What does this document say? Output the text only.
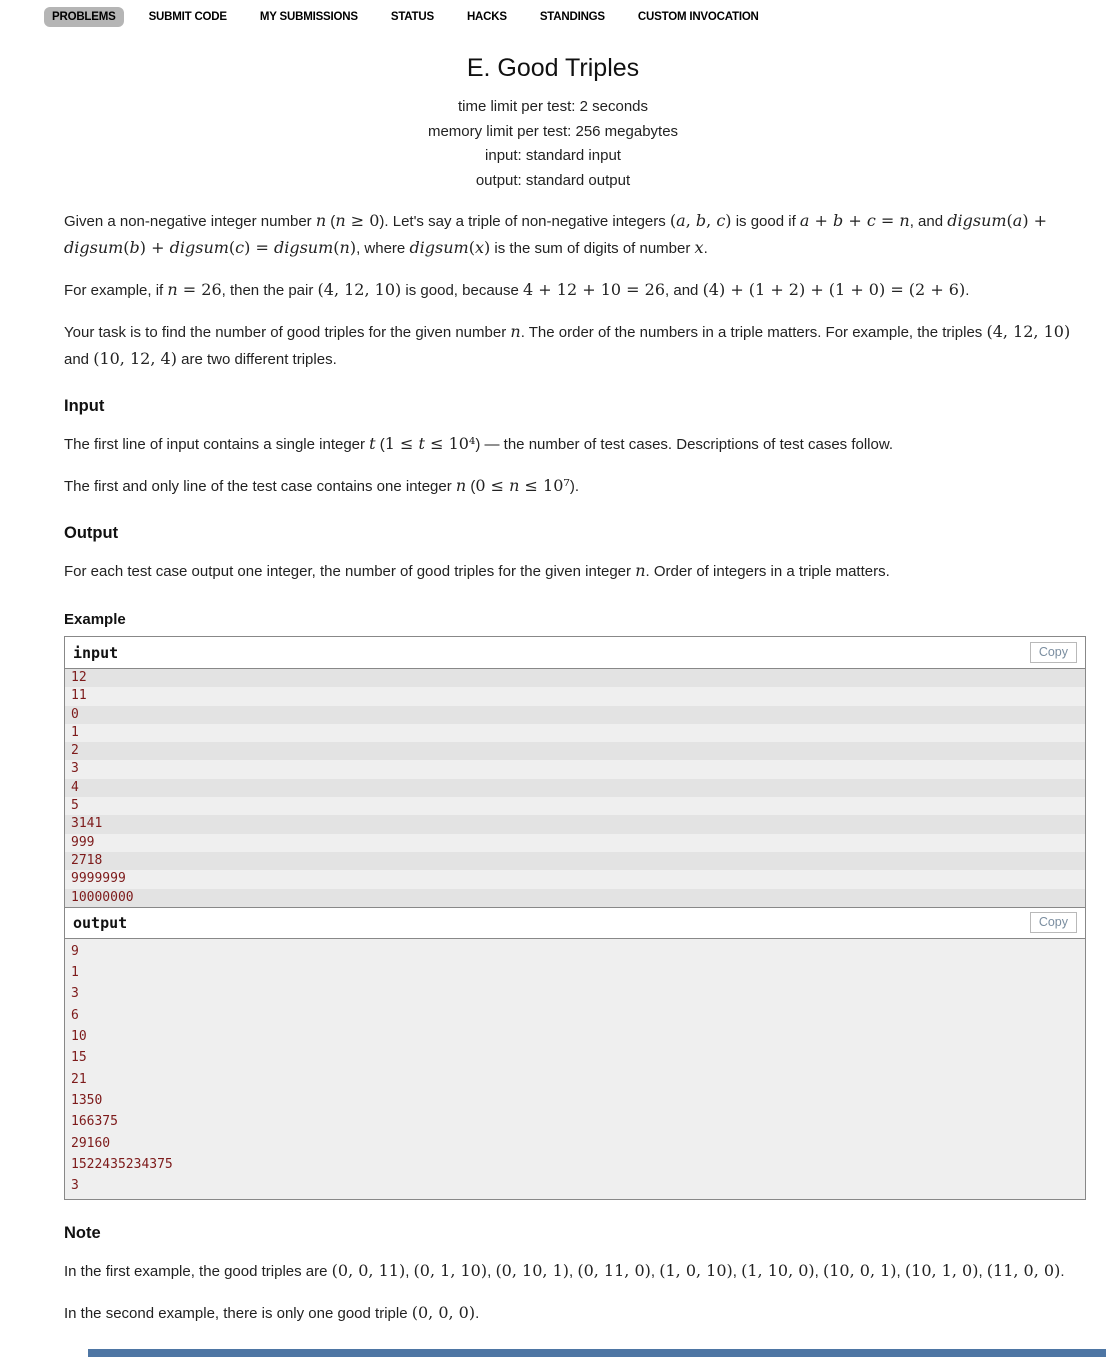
PROBLEMS	SUBMIT CODE	MY SUBMISSIONS	STATUS	HACKS	STANDINGS	CUSTOM INVOCATION
E. Good Triples
time limit per test: 2 seconds
memory limit per test: 256 megabytes
input: standard input
output: standard output

Given a non-negative integer number n (n ≥ 0). Let's say a triple of non-negative integers (a, b, c) is good if a + b + c = n, and digsum(a) + digsum(b) + digsum(c) = digsum(n), where digsum(x) is the sum of digits of number x.

For example, if n = 26, then the pair (4, 12, 10) is good, because 4 + 12 + 10 = 26, and (4) + (1 + 2) + (1 + 0) = (2 + 6).

Your task is to find the number of good triples for the given number n. The order of the numbers in a triple matters. For example, the triples (4, 12, 10) and (10, 12, 4) are two different triples.

Input

The first line of input contains a single integer t (1 ≤ t ≤ 10⁴) — the number of test cases. Descriptions of test cases follow.

The first and only line of the test case contains one integer n (0 ≤ n ≤ 10⁷).

Output

For each test case output one integer, the number of good triples for the given integer n. Order of integers in a triple matters.

Example
input	Copy
12
11
0
1
2
3
4
5
3141
999
2718
9999999
10000000
output	Copy
9
1
3
6
10
15
21
1350
166375
29160
1522435234375
3
Note

In the first example, the good triples are (0, 0, 11), (0, 1, 10), (0, 10, 1), (0, 11, 0), (1, 0, 10), (1, 10, 0), (10, 0, 1), (10, 1, 0), (11, 0, 0).

In the second example, there is only one good triple (0, 0, 0).
